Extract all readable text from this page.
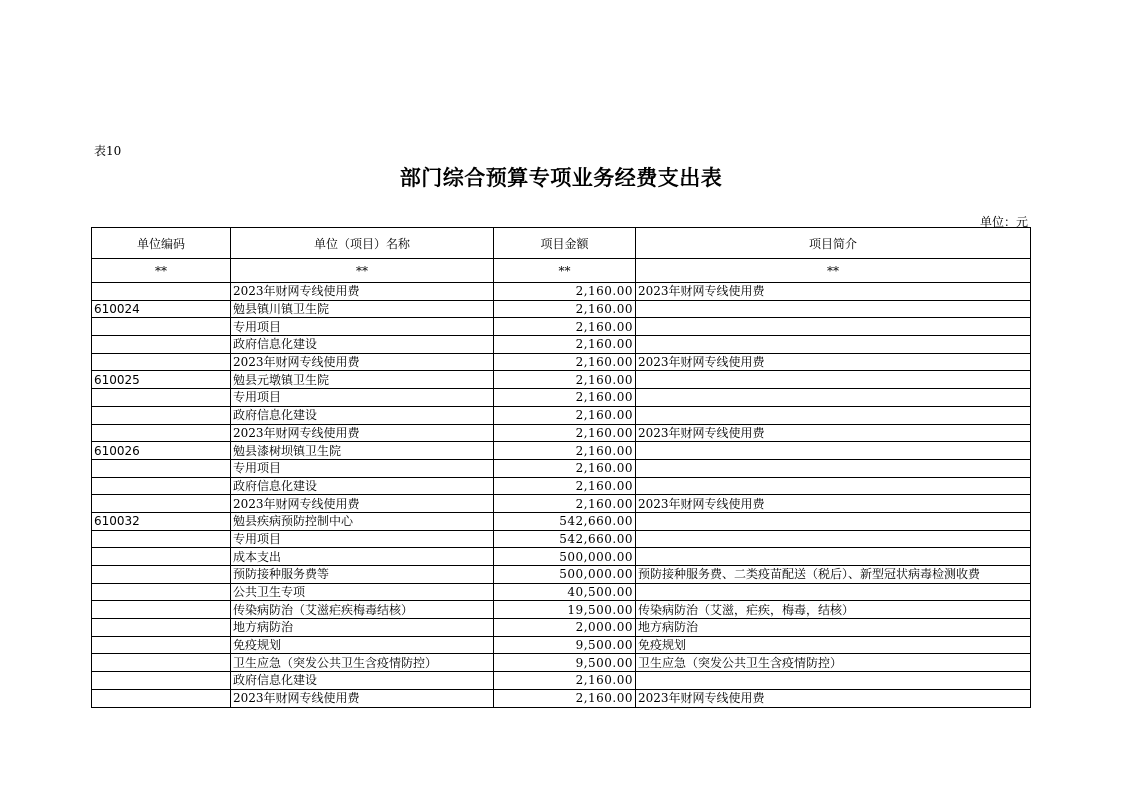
表10
部门综合预算专项业务经费支出表
单位：元
单位编码	单位（项目）名称	项目金额	项目简介
**	**	**	**
	2023年财网专线使用费	2,160.00	2023年财网专线使用费
610024	勉县镇川镇卫生院	2,160.00	
	专用项目	2,160.00	
	政府信息化建设	2,160.00	
	2023年财网专线使用费	2,160.00	2023年财网专线使用费
610025	勉县元墩镇卫生院	2,160.00	
	专用项目	2,160.00	
	政府信息化建设	2,160.00	
	2023年财网专线使用费	2,160.00	2023年财网专线使用费
610026	勉县漆树坝镇卫生院	2,160.00	
	专用项目	2,160.00	
	政府信息化建设	2,160.00	
	2023年财网专线使用费	2,160.00	2023年财网专线使用费
610032	勉县疾病预防控制中心	542,660.00	
	专用项目	542,660.00	
	成本支出	500,000.00	
	预防接种服务费等	500,000.00	预防接种服务费、二类疫苗配送（税后）、新型冠状病毒检测收费
	公共卫生专项	40,500.00	
	传染病防治（艾滋疟疾梅毒结核）	19,500.00	传染病防治（艾滋，疟疾，梅毒，结核）
	地方病防治	2,000.00	地方病防治
	免疫规划	9,500.00	免疫规划
	卫生应急（突发公共卫生含疫情防控）	9,500.00	卫生应急（突发公共卫生含疫情防控）
	政府信息化建设	2,160.00	
	2023年财网专线使用费	2,160.00	2023年财网专线使用费
